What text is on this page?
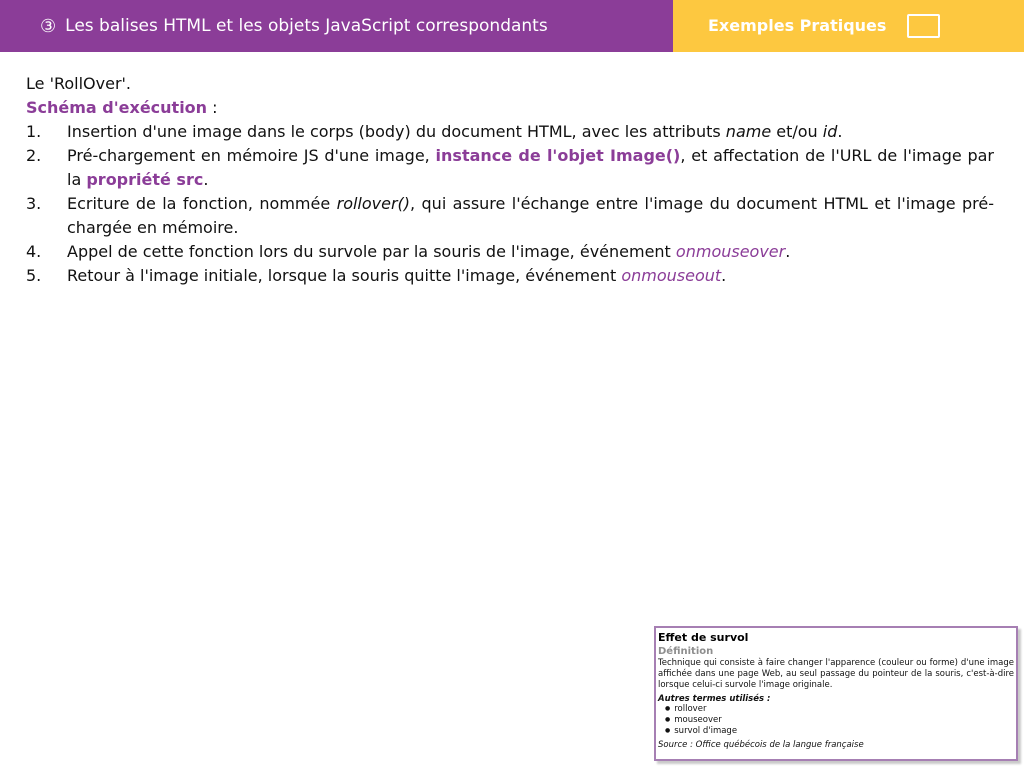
③ Les balises HTML et les objets JavaScript correspondants	Exemples Pratiques

Le 'RollOver'.

Schéma d'exécution :

1. Insertion d'une image dans le corps (body) du document HTML, avec les attributs name et/ou id.
2. Pré-chargement en mémoire JS d'une image, instance de l'objet Image(), et affectation de l'URL de l'image par la propriété src.
3. Ecriture de la fonction, nommée rollover(), qui assure l'échange entre l'image du document HTML et l'image pré-chargée en mémoire.
4. Appel de cette fonction lors du survole par la souris de l'image, événement onmouseover.
5. Retour à l'image initiale, lorsque la souris quitte l'image, événement onmouseout.
Effet de survol
Définition
Technique qui consiste à faire changer l'apparence (couleur ou forme) d'une image affichée dans une page Web, au seul passage du pointeur de la souris, c'est-à-dire lorsque celui-ci survole l'image originale.
Autres termes utilisés :
● rollover
● mouseover
● survol d'image
Source : Office québécois de la langue française
